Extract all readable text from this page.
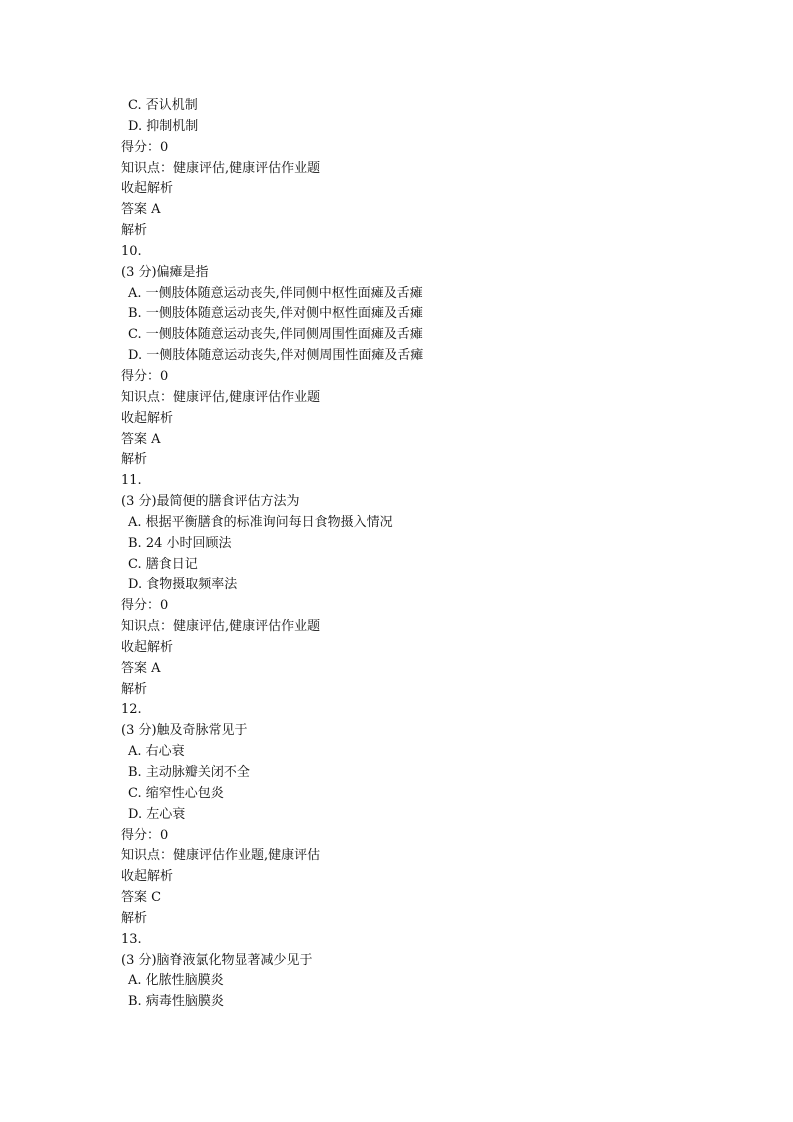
C. 否认机制
D. 抑制机制
得分：0
知识点：健康评估,健康评估作业题
收起解析
答案 A
解析
10.
(3 分)偏瘫是指
A. 一侧肢体随意运动丧失,伴同侧中枢性面瘫及舌瘫
B. 一侧肢体随意运动丧失,伴对侧中枢性面瘫及舌瘫
C. 一侧肢体随意运动丧失,伴同侧周围性面瘫及舌瘫
D. 一侧肢体随意运动丧失,伴对侧周围性面瘫及舌瘫
得分：0
知识点：健康评估,健康评估作业题
收起解析
答案 A
解析
11.
(3 分)最简便的膳食评估方法为
A. 根据平衡膳食的标准询问每日食物摄入情况
B. 24 小时回顾法
C. 膳食日记
D. 食物摄取频率法
得分：0
知识点：健康评估,健康评估作业题
收起解析
答案 A
解析
12.
(3 分)触及奇脉常见于
A. 右心衰
B. 主动脉瓣关闭不全
C. 缩窄性心包炎
D. 左心衰
得分：0
知识点：健康评估作业题,健康评估
收起解析
答案 C
解析
13.
(3 分)脑脊液氯化物显著减少见于
A. 化脓性脑膜炎
B. 病毒性脑膜炎
